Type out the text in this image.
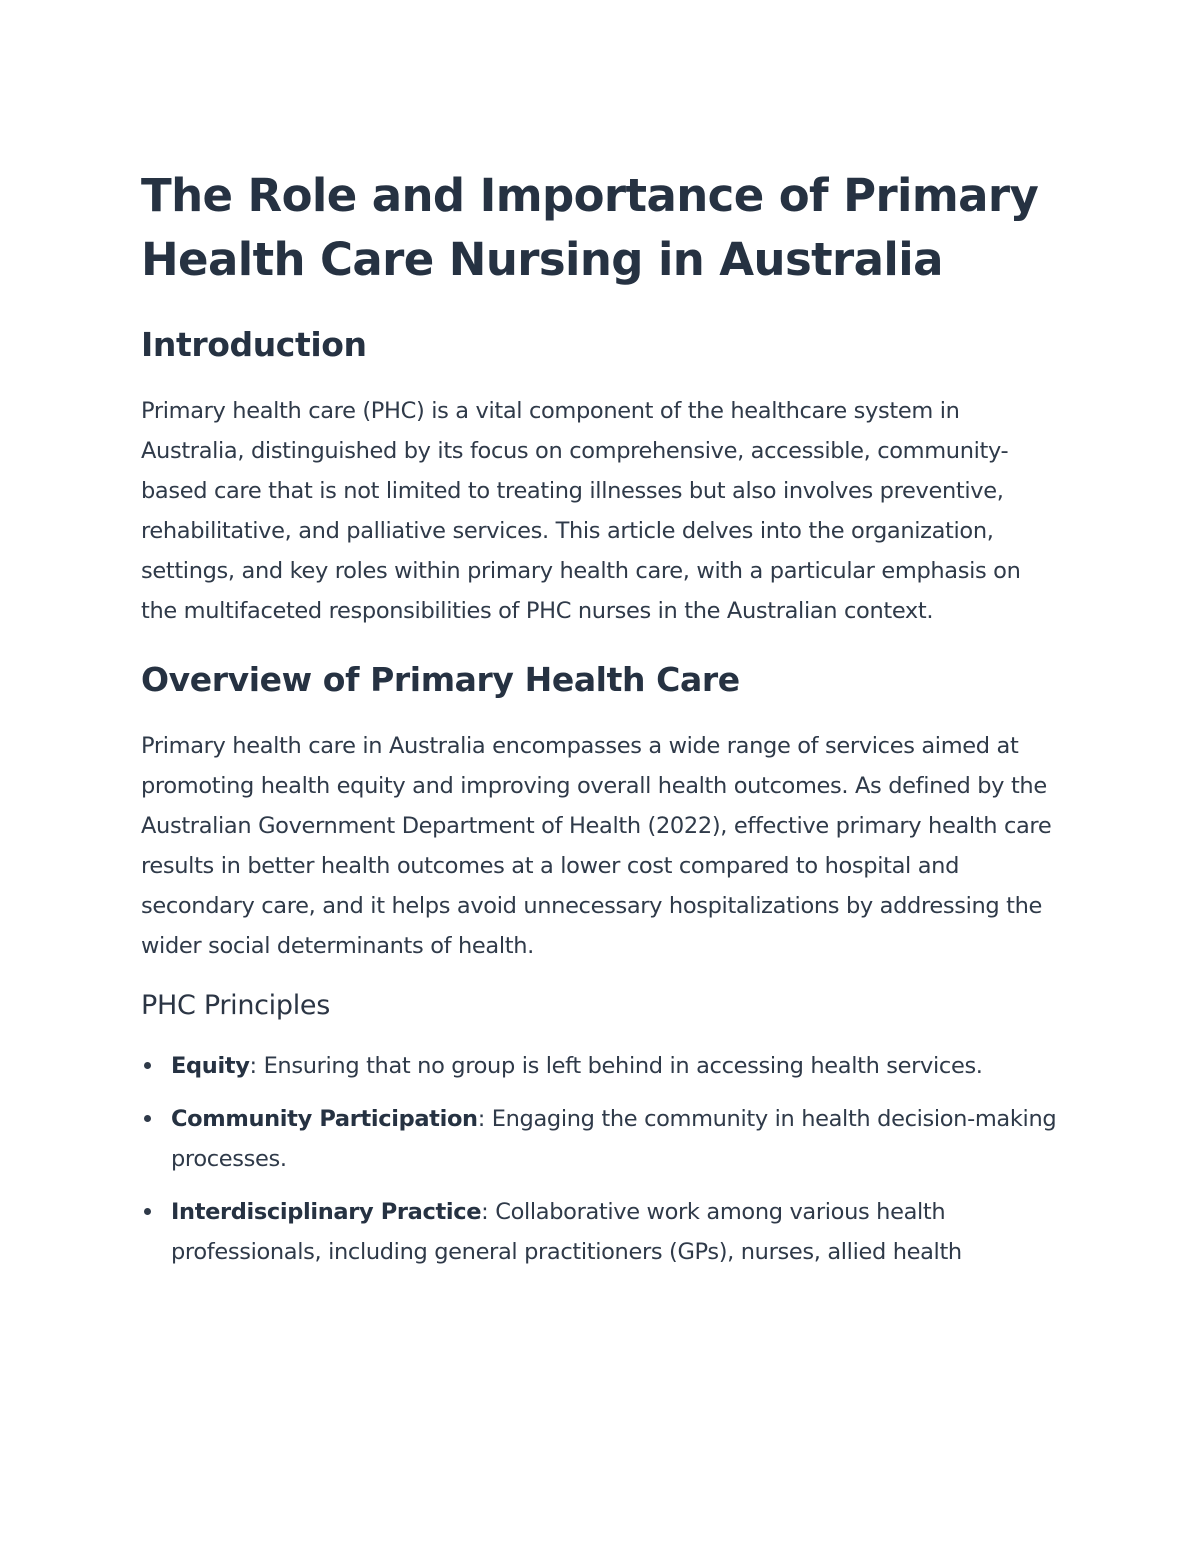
The Role and Importance of Primary Health Care Nursing in Australia
Introduction

Primary health care (PHC) is a vital component of the healthcare system in Australia, distinguished by its focus on comprehensive, accessible, community-based care that is not limited to treating illnesses but also involves preventive, rehabilitative, and palliative services. This article delves into the organization, settings, and key roles within primary health care, with a particular emphasis on the multifaceted responsibilities of PHC nurses in the Australian context.

Overview of Primary Health Care

Primary health care in Australia encompasses a wide range of services aimed at promoting health equity and improving overall health outcomes. As defined by the Australian Government Department of Health (2022), effective primary health care results in better health outcomes at a lower cost compared to hospital and secondary care, and it helps avoid unnecessary hospitalizations by addressing the wider social determinants of health.

PHC Principles
Equity: Ensuring that no group is left behind in accessing health services.
Community Participation: Engaging the community in health decision-making processes.
Interdisciplinary Practice: Collaborative work among various health professionals, including general practitioners (GPs), nurses, allied health
